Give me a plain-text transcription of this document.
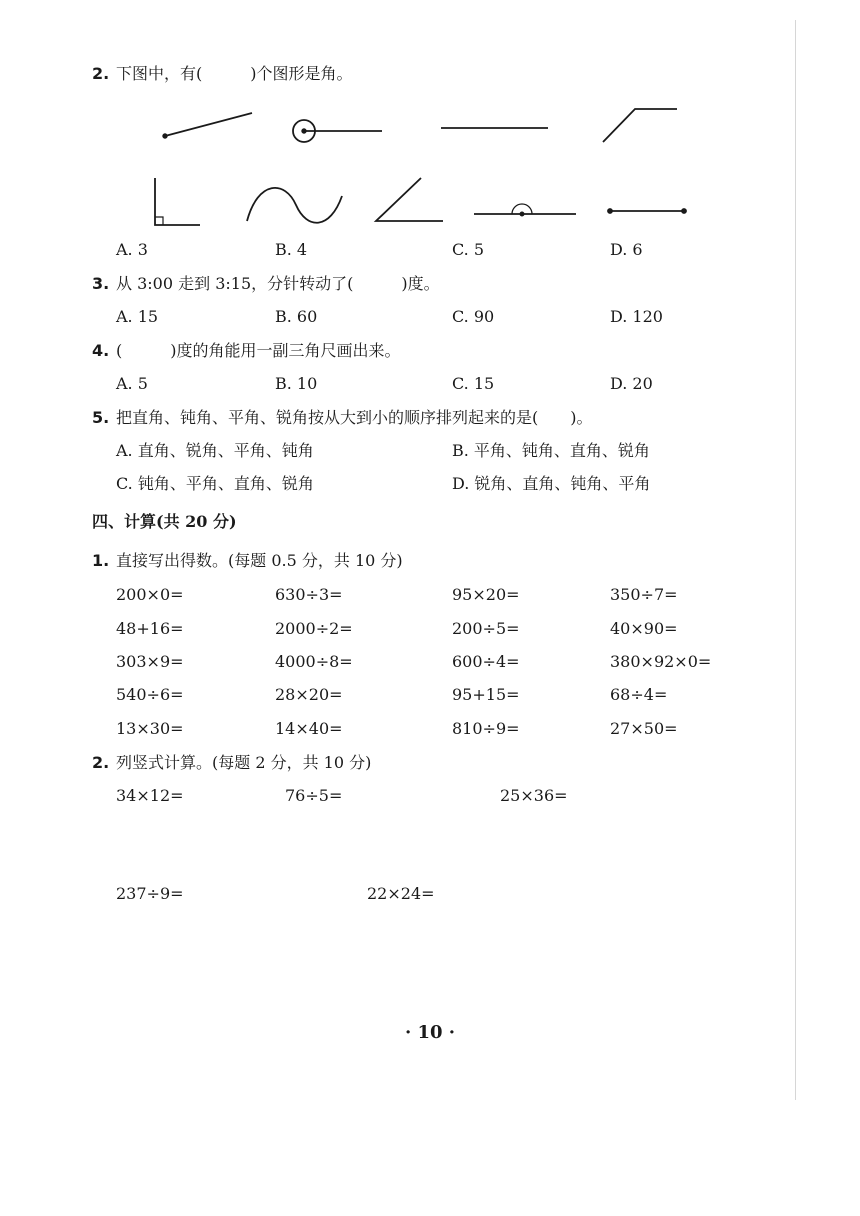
2. 下图中，有(　　　)个图形是角。
A. 3	B. 4	C. 5	D. 6
3. 从 3:00 走到 3:15，分针转动了(　　　)度。
A. 15	B. 60	C. 90	D. 120
4. (　　　)度的角能用一副三角尺画出来。
A. 5	B. 10	C. 15	D. 20
5. 把直角、钝角、平角、锐角按从大到小的顺序排列起来的是(　　)。
A. 直角、锐角、平角、钝角	B. 平角、钝角、直角、锐角
C. 钝角、平角、直角、锐角	D. 锐角、直角、钝角、平角
四、计算(共 20 分)
1. 直接写出得数。(每题 0.5 分，共 10 分)
200×0=	630÷3=	95×20=	350÷7=
48+16=	2000÷2=	200÷5=	40×90=
303×9=	4000÷8=	600÷4=	380×92×0=
540÷6=	28×20=	95+15=	68÷4=
13×30=	14×40=	810÷9=	27×50=
2. 列竖式计算。(每题 2 分，共 10 分)
34×12=	76÷5=	25×36=
237÷9=	22×24=
· 10 ·
